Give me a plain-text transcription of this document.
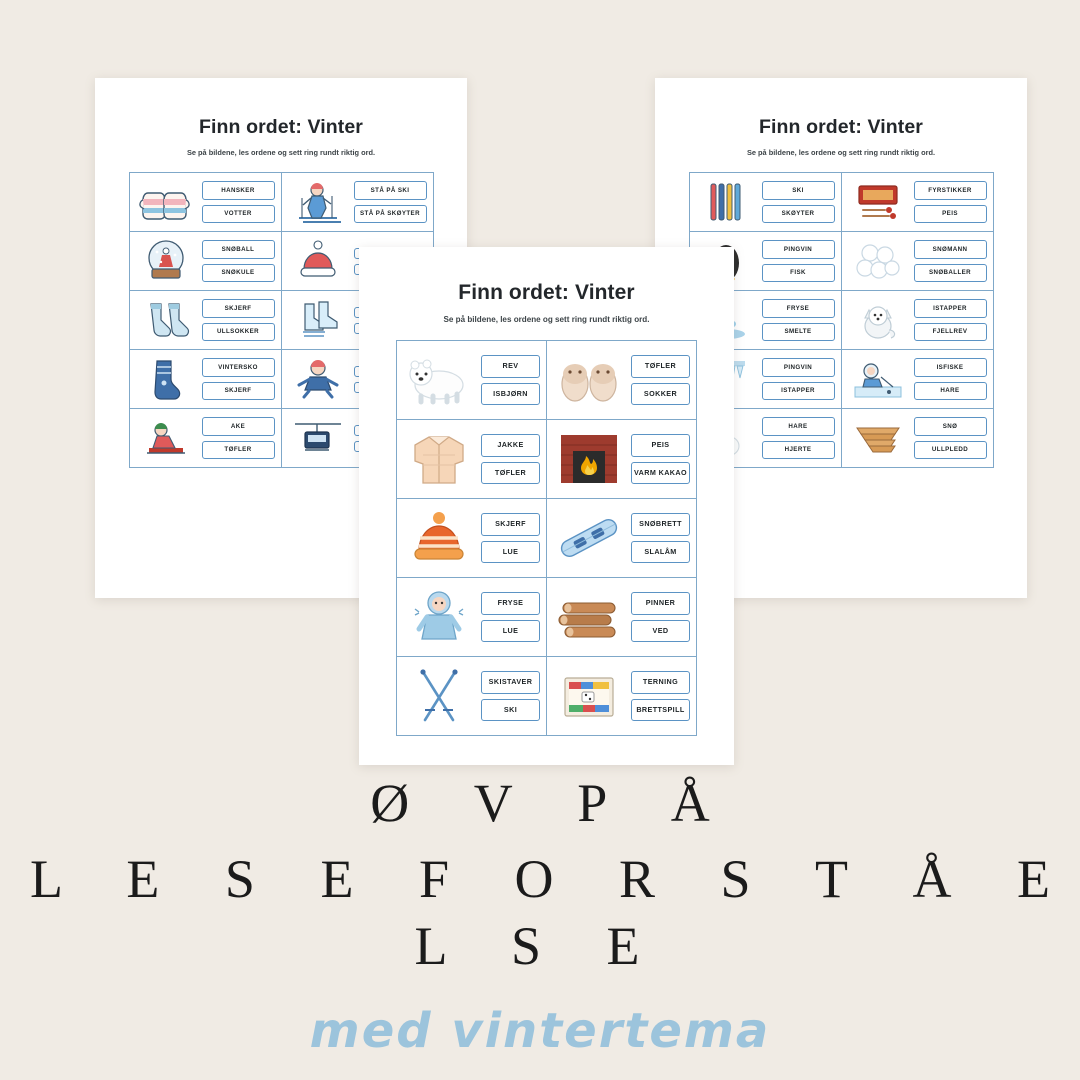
Finn ordet: Vinter
Se på bildene, les ordene og sett ring rundt riktig ord.
HANSKER
VOTTER
STÅ PÅ SKI
STÅ PÅ SKØYTER
SNØBALL
SNØKULE
SKJERF
ULLSOKKER
VINTERSKO
SKJERF
AKE
TØFLER
Finn ordet: Vinter
Se på bildene, les ordene og sett ring rundt riktig ord.
SKI
SKØYTER
FYRSTIKKER
PEIS
PINGVIN
FISK
SNØMANN
SNØBALLER
FRYSE
SMELTE
ISTAPPER
FJELLREV
PINGVIN
ISTAPPER
ISFISKE
HARE
HARE
HJERTE
SNØ
ULLPLEDD
Finn ordet: Vinter
Se på bildene, les ordene og sett ring rundt riktig ord.
REV
ISBJØRN
TØFLER
SOKKER
JAKKE
TØFLER
PEIS
VARM KAKAO
SKJERF
LUE
SNØBRETT
SLALÅM
FRYSE
LUE
PINNER
VED
SKISTAVER
SKI
TERNING
BRETTSPILL
Ø V P Å
L E S E F O R S T Å E L S E
med vintertema
